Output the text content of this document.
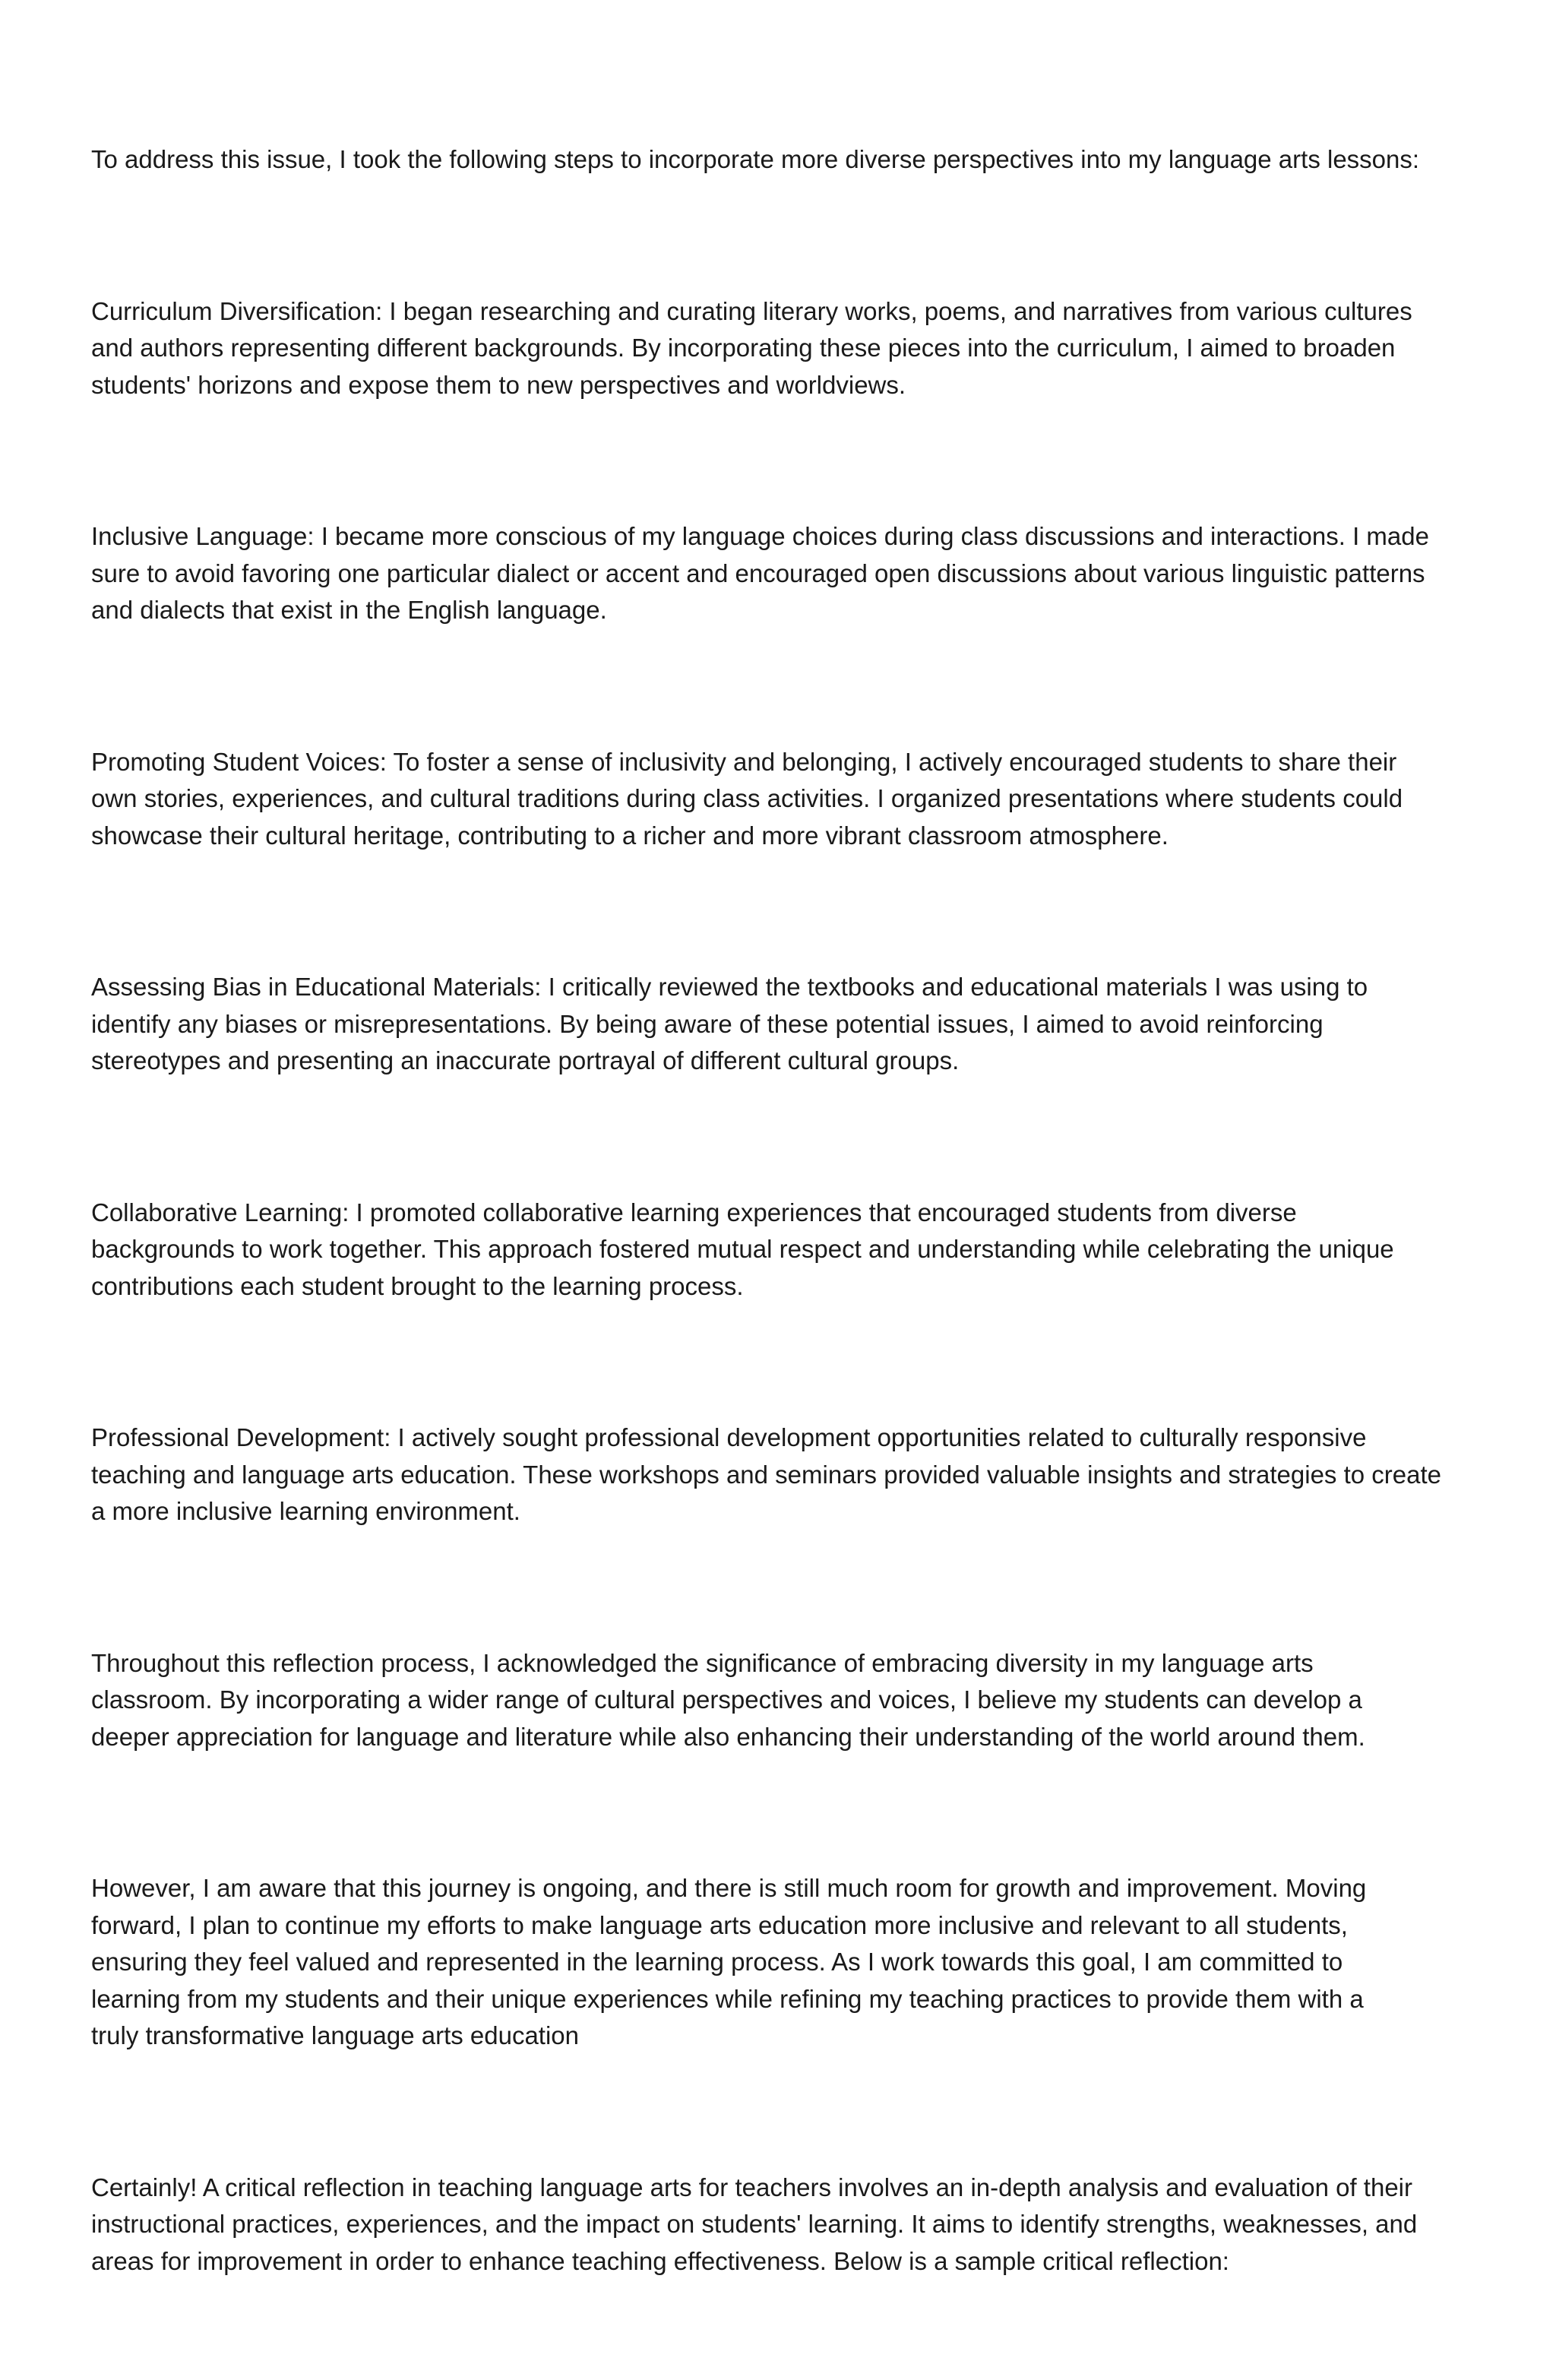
To address this issue, I took the following steps to incorporate more diverse perspectives into my language arts lessons:

Curriculum Diversification: I began researching and curating literary works, poems, and narratives from various cultures
and authors representing different backgrounds. By incorporating these pieces into the curriculum, I aimed to broaden
students' horizons and expose them to new perspectives and worldviews.

Inclusive Language: I became more conscious of my language choices during class discussions and interactions. I made
sure to avoid favoring one particular dialect or accent and encouraged open discussions about various linguistic patterns
and dialects that exist in the English language.

Promoting Student Voices: To foster a sense of inclusivity and belonging, I actively encouraged students to share their
own stories, experiences, and cultural traditions during class activities. I organized presentations where students could
showcase their cultural heritage, contributing to a richer and more vibrant classroom atmosphere.

Assessing Bias in Educational Materials: I critically reviewed the textbooks and educational materials I was using to
identify any biases or misrepresentations. By being aware of these potential issues, I aimed to avoid reinforcing
stereotypes and presenting an inaccurate portrayal of different cultural groups.

Collaborative Learning: I promoted collaborative learning experiences that encouraged students from diverse
backgrounds to work together. This approach fostered mutual respect and understanding while celebrating the unique
contributions each student brought to the learning process.

Professional Development: I actively sought professional development opportunities related to culturally responsive
teaching and language arts education. These workshops and seminars provided valuable insights and strategies to create
a more inclusive learning environment.

Throughout this reflection process, I acknowledged the significance of embracing diversity in my language arts
classroom. By incorporating a wider range of cultural perspectives and voices, I believe my students can develop a
deeper appreciation for language and literature while also enhancing their understanding of the world around them.

However, I am aware that this journey is ongoing, and there is still much room for growth and improvement. Moving
forward, I plan to continue my efforts to make language arts education more inclusive and relevant to all students,
ensuring they feel valued and represented in the learning process. As I work towards this goal, I am committed to
learning from my students and their unique experiences while refining my teaching practices to provide them with a
truly transformative language arts education

Certainly! A critical reflection in teaching language arts for teachers involves an in-depth analysis and evaluation of their
instructional practices, experiences, and the impact on students' learning. It aims to identify strengths, weaknesses, and
areas for improvement in order to enhance teaching effectiveness. Below is a sample critical reflection:
